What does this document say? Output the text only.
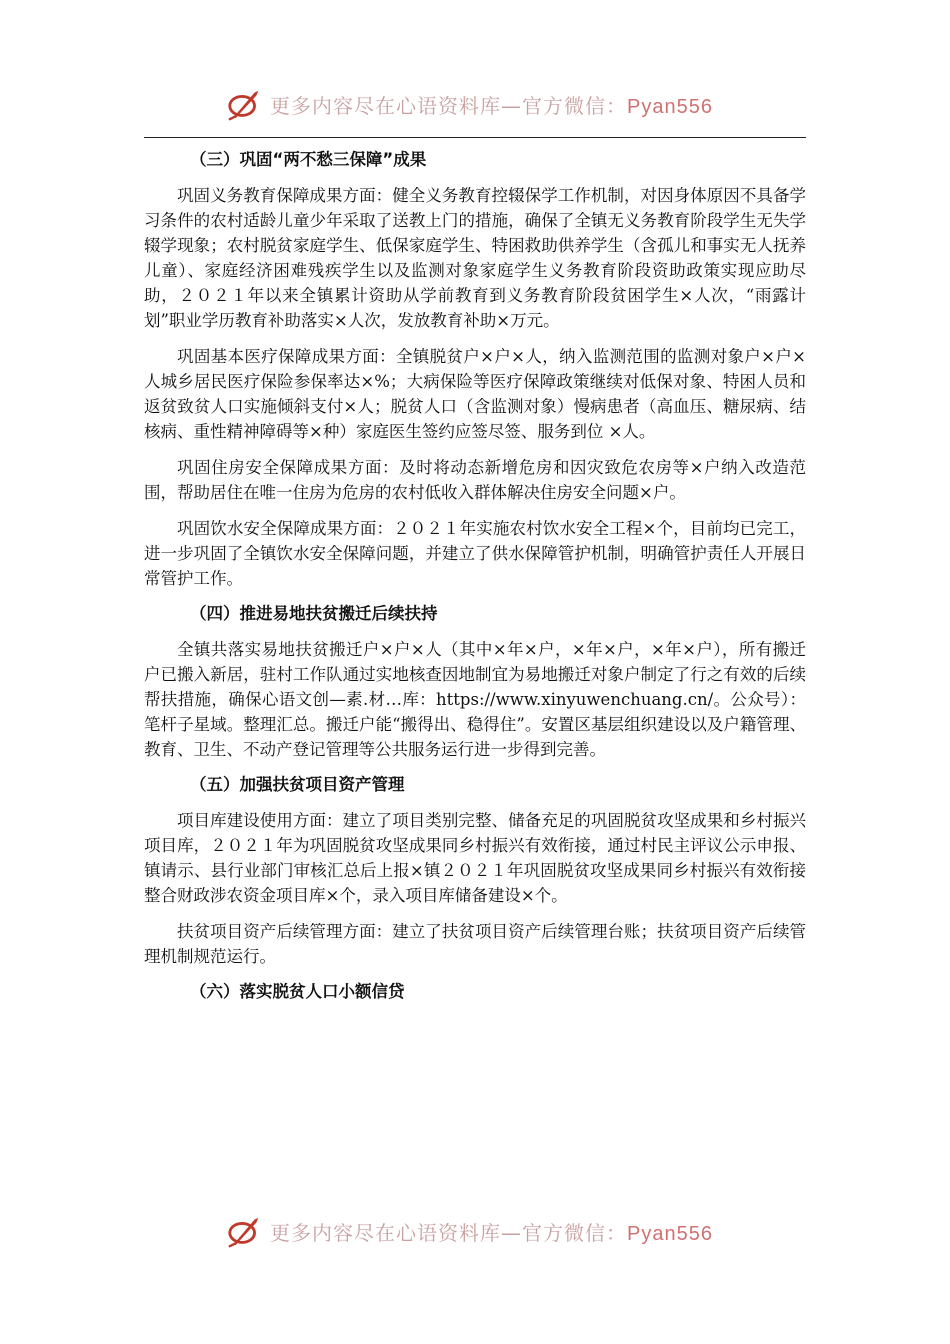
更多内容尽在心语资料库—官方微信：Pyan556

（三）巩固“两不愁三保障”成果

巩固义务教育保障成果方面：健全义务教育控辍保学工作机制，对因身体原因不具备学习条件的农村适龄儿童少年采取了送教上门的措施，确保了全镇无义务教育阶段学生无失学辍学现象；农村脱贫家庭学生、低保家庭学生、特困救助供养学生（含孤儿和事实无人抚养儿童）、家庭经济困难残疾学生以及监测对象家庭学生义务教育阶段资助政策实现应助尽助，２０２１年以来全镇累计资助从学前教育到义务教育阶段贫困学生×人次，“雨露计划”职业学历教育补助落实×人次，发放教育补助×万元。

巩固基本医疗保障成果方面：全镇脱贫户×户×人，纳入监测范围的监测对象户×户×人城乡居民医疗保险参保率达×%；大病保险等医疗保障政策继续对低保对象、特困人员和返贫致贫人口实施倾斜支付×人；脱贫人口（含监测对象）慢病患者（高血压、糖尿病、结核病、重性精神障碍等×种）家庭医生签约应签尽签、服务到位 ×人。

巩固住房安全保障成果方面：及时将动态新增危房和因灾致危农房等×户纳入改造范围，帮助居住在唯一住房为危房的农村低收入群体解决住房安全问题×户。

巩固饮水安全保障成果方面：２０２１年实施农村饮水安全工程×个，目前均已完工，进一步巩固了全镇饮水安全保障问题，并建立了供水保障管护机制，明确管护责任人开展日常管护工作。

（四）推进易地扶贫搬迁后续扶持

全镇共落实易地扶贫搬迁户×户×人（其中×年×户，×年×户，×年×户），所有搬迁户已搬入新居，驻村工作队通过实地核查因地制宜为易地搬迁对象户制定了行之有效的后续帮扶措施，确保心语文创—素.材…库：https://www.xinyuwenchuang.cn/。公众号）：笔杆子星域。整理汇总。搬迁户能“搬得出、稳得住”。安置区基层组织建设以及户籍管理、教育、卫生、不动产登记管理等公共服务运行进一步得到完善。

（五）加强扶贫项目资产管理

项目库建设使用方面：建立了项目类别完整、储备充足的巩固脱贫攻坚成果和乡村振兴项目库，２０２１年为巩固脱贫攻坚成果同乡村振兴有效衔接，通过村民主评议公示申报、镇请示、县行业部门审核汇总后上报×镇２０２１年巩固脱贫攻坚成果同乡村振兴有效衔接整合财政涉农资金项目库×个，录入项目库储备建设×个。

扶贫项目资产后续管理方面：建立了扶贫项目资产后续管理台账；扶贫项目资产后续管理机制规范运行。

（六）落实脱贫人口小额信贷

更多内容尽在心语资料库—官方微信：Pyan556
